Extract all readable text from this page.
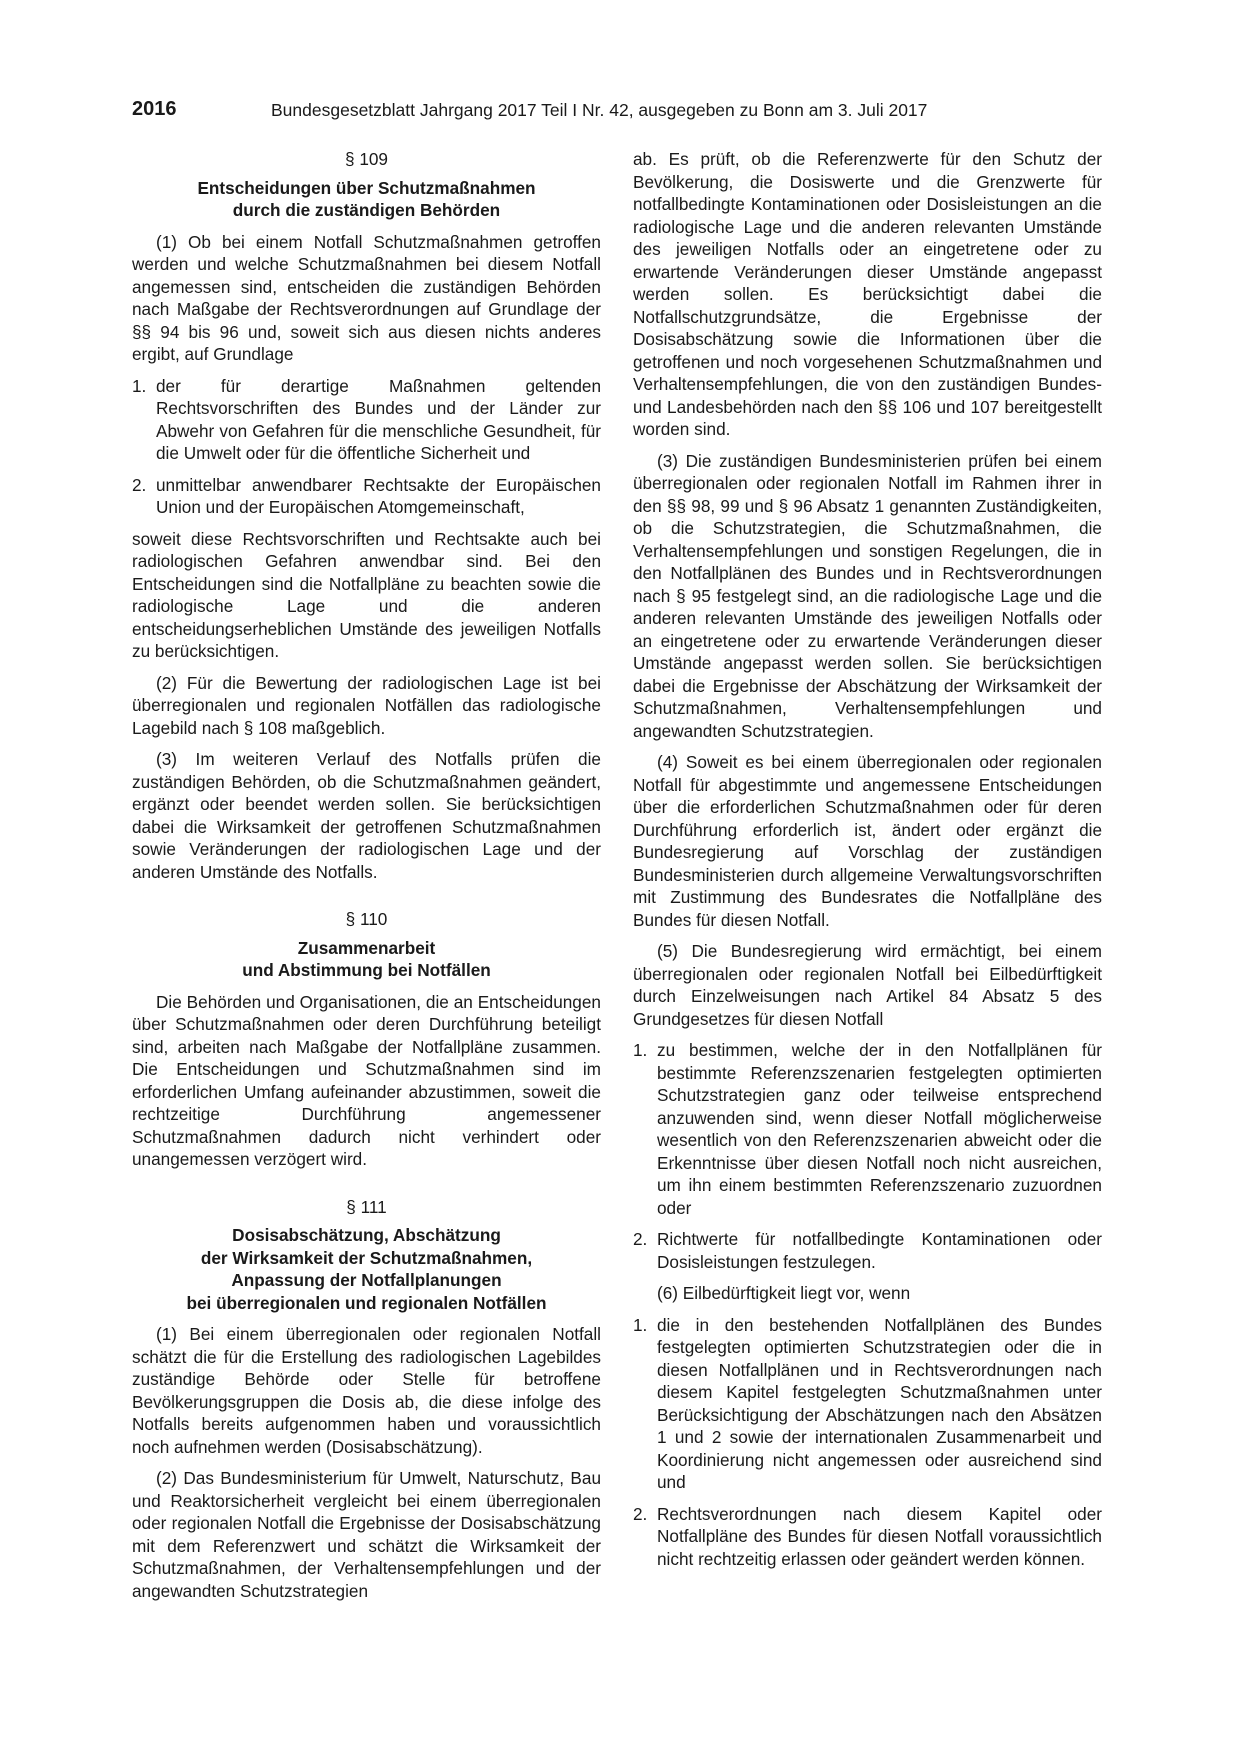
2016	Bundesgesetzblatt Jahrgang 2017 Teil I Nr. 42, ausgegeben zu Bonn am 3. Juli 2017

§ 109

Entscheidungen über Schutzmaßnahmen

durch die zuständigen Behörden

(1) Ob bei einem Notfall Schutzmaßnahmen getroffen werden und welche Schutzmaßnahmen bei diesem Notfall angemessen sind, entscheiden die zuständigen Behörden nach Maßgabe der Rechtsverordnungen auf Grundlage der §§ 94 bis 96 und, soweit sich aus diesen nichts anderes ergibt, auf Grundlage

1. der für derartige Maßnahmen geltenden Rechtsvorschriften des Bundes und der Länder zur Abwehr von Gefahren für die menschliche Gesundheit, für die Umwelt oder für die öffentliche Sicherheit und
2. unmittelbar anwendbarer Rechtsakte der Europäischen Union und der Europäischen Atomgemeinschaft,

soweit diese Rechtsvorschriften und Rechtsakte auch bei radiologischen Gefahren anwendbar sind. Bei den Entscheidungen sind die Notfallpläne zu beachten sowie die radiologische Lage und die anderen entscheidungserheblichen Umstände des jeweiligen Notfalls zu berücksichtigen.

(2) Für die Bewertung der radiologischen Lage ist bei überregionalen und regionalen Notfällen das radiologische Lagebild nach § 108 maßgeblich.

(3) Im weiteren Verlauf des Notfalls prüfen die zuständigen Behörden, ob die Schutzmaßnahmen geändert, ergänzt oder beendet werden sollen. Sie berücksichtigen dabei die Wirksamkeit der getroffenen Schutzmaßnahmen sowie Veränderungen der radiologischen Lage und der anderen Umstände des Notfalls.

§ 110

Zusammenarbeit

und Abstimmung bei Notfällen

Die Behörden und Organisationen, die an Entscheidungen über Schutzmaßnahmen oder deren Durchführung beteiligt sind, arbeiten nach Maßgabe der Notfallpläne zusammen. Die Entscheidungen und Schutzmaßnahmen sind im erforderlichen Umfang aufeinander abzustimmen, soweit die rechtzeitige Durchführung angemessener Schutzmaßnahmen dadurch nicht verhindert oder unangemessen verzögert wird.

§ 111

Dosisabschätzung, Abschätzung

der Wirksamkeit der Schutzmaßnahmen,

Anpassung der Notfallplanungen

bei überregionalen und regionalen Notfällen

(1) Bei einem überregionalen oder regionalen Notfall schätzt die für die Erstellung des radiologischen Lagebildes zuständige Behörde oder Stelle für betroffene Bevölkerungsgruppen die Dosis ab, die diese infolge des Notfalls bereits aufgenommen haben und voraussichtlich noch aufnehmen werden (Dosisabschätzung).

(2) Das Bundesministerium für Umwelt, Naturschutz, Bau und Reaktorsicherheit vergleicht bei einem überregionalen oder regionalen Notfall die Ergebnisse der Dosisabschätzung mit dem Referenzwert und schätzt die Wirksamkeit der Schutzmaßnahmen, der Verhaltensempfehlungen und der angewandten Schutzstrategien

ab. Es prüft, ob die Referenzwerte für den Schutz der Bevölkerung, die Dosiswerte und die Grenzwerte für notfallbedingte Kontaminationen oder Dosisleistungen an die radiologische Lage und die anderen relevanten Umstände des jeweiligen Notfalls oder an eingetretene oder zu erwartende Veränderungen dieser Umstände angepasst werden sollen. Es berücksichtigt dabei die Notfallschutzgrundsätze, die Ergebnisse der Dosisabschätzung sowie die Informationen über die getroffenen und noch vorgesehenen Schutzmaßnahmen und Verhaltensempfehlungen, die von den zuständigen Bundes- und Landesbehörden nach den §§ 106 und 107 bereitgestellt worden sind.

(3) Die zuständigen Bundesministerien prüfen bei einem überregionalen oder regionalen Notfall im Rahmen ihrer in den §§ 98, 99 und § 96 Absatz 1 genannten Zuständigkeiten, ob die Schutzstrategien, die Schutzmaßnahmen, die Verhaltensempfehlungen und sonstigen Regelungen, die in den Notfallplänen des Bundes und in Rechtsverordnungen nach § 95 festgelegt sind, an die radiologische Lage und die anderen relevanten Umstände des jeweiligen Notfalls oder an eingetretene oder zu erwartende Veränderungen dieser Umstände angepasst werden sollen. Sie berücksichtigen dabei die Ergebnisse der Abschätzung der Wirksamkeit der Schutzmaßnahmen, Verhaltensempfehlungen und angewandten Schutzstrategien.

(4) Soweit es bei einem überregionalen oder regionalen Notfall für abgestimmte und angemessene Entscheidungen über die erforderlichen Schutzmaßnahmen oder für deren Durchführung erforderlich ist, ändert oder ergänzt die Bundesregierung auf Vorschlag der zuständigen Bundesministerien durch allgemeine Verwaltungsvorschriften mit Zustimmung des Bundesrates die Notfallpläne des Bundes für diesen Notfall.

(5) Die Bundesregierung wird ermächtigt, bei einem überregionalen oder regionalen Notfall bei Eilbedürftigkeit durch Einzelweisungen nach Artikel 84 Absatz 5 des Grundgesetzes für diesen Notfall

1. zu bestimmen, welche der in den Notfallplänen für bestimmte Referenzszenarien festgelegten optimierten Schutzstrategien ganz oder teilweise entsprechend anzuwenden sind, wenn dieser Notfall möglicherweise wesentlich von den Referenzszenarien abweicht oder die Erkenntnisse über diesen Notfall noch nicht ausreichen, um ihn einem bestimmten Referenzszenario zuzuordnen oder
2. Richtwerte für notfallbedingte Kontaminationen oder Dosisleistungen festzulegen.

(6) Eilbedürftigkeit liegt vor, wenn

1. die in den bestehenden Notfallplänen des Bundes festgelegten optimierten Schutzstrategien oder die in diesen Notfallplänen und in Rechtsverordnungen nach diesem Kapitel festgelegten Schutzmaßnahmen unter Berücksichtigung der Abschätzungen nach den Absätzen 1 und 2 sowie der internationalen Zusammenarbeit und Koordinierung nicht angemessen oder ausreichend sind und
2. Rechtsverordnungen nach diesem Kapitel oder Notfallpläne des Bundes für diesen Notfall voraussichtlich nicht rechtzeitig erlassen oder geändert werden können.
